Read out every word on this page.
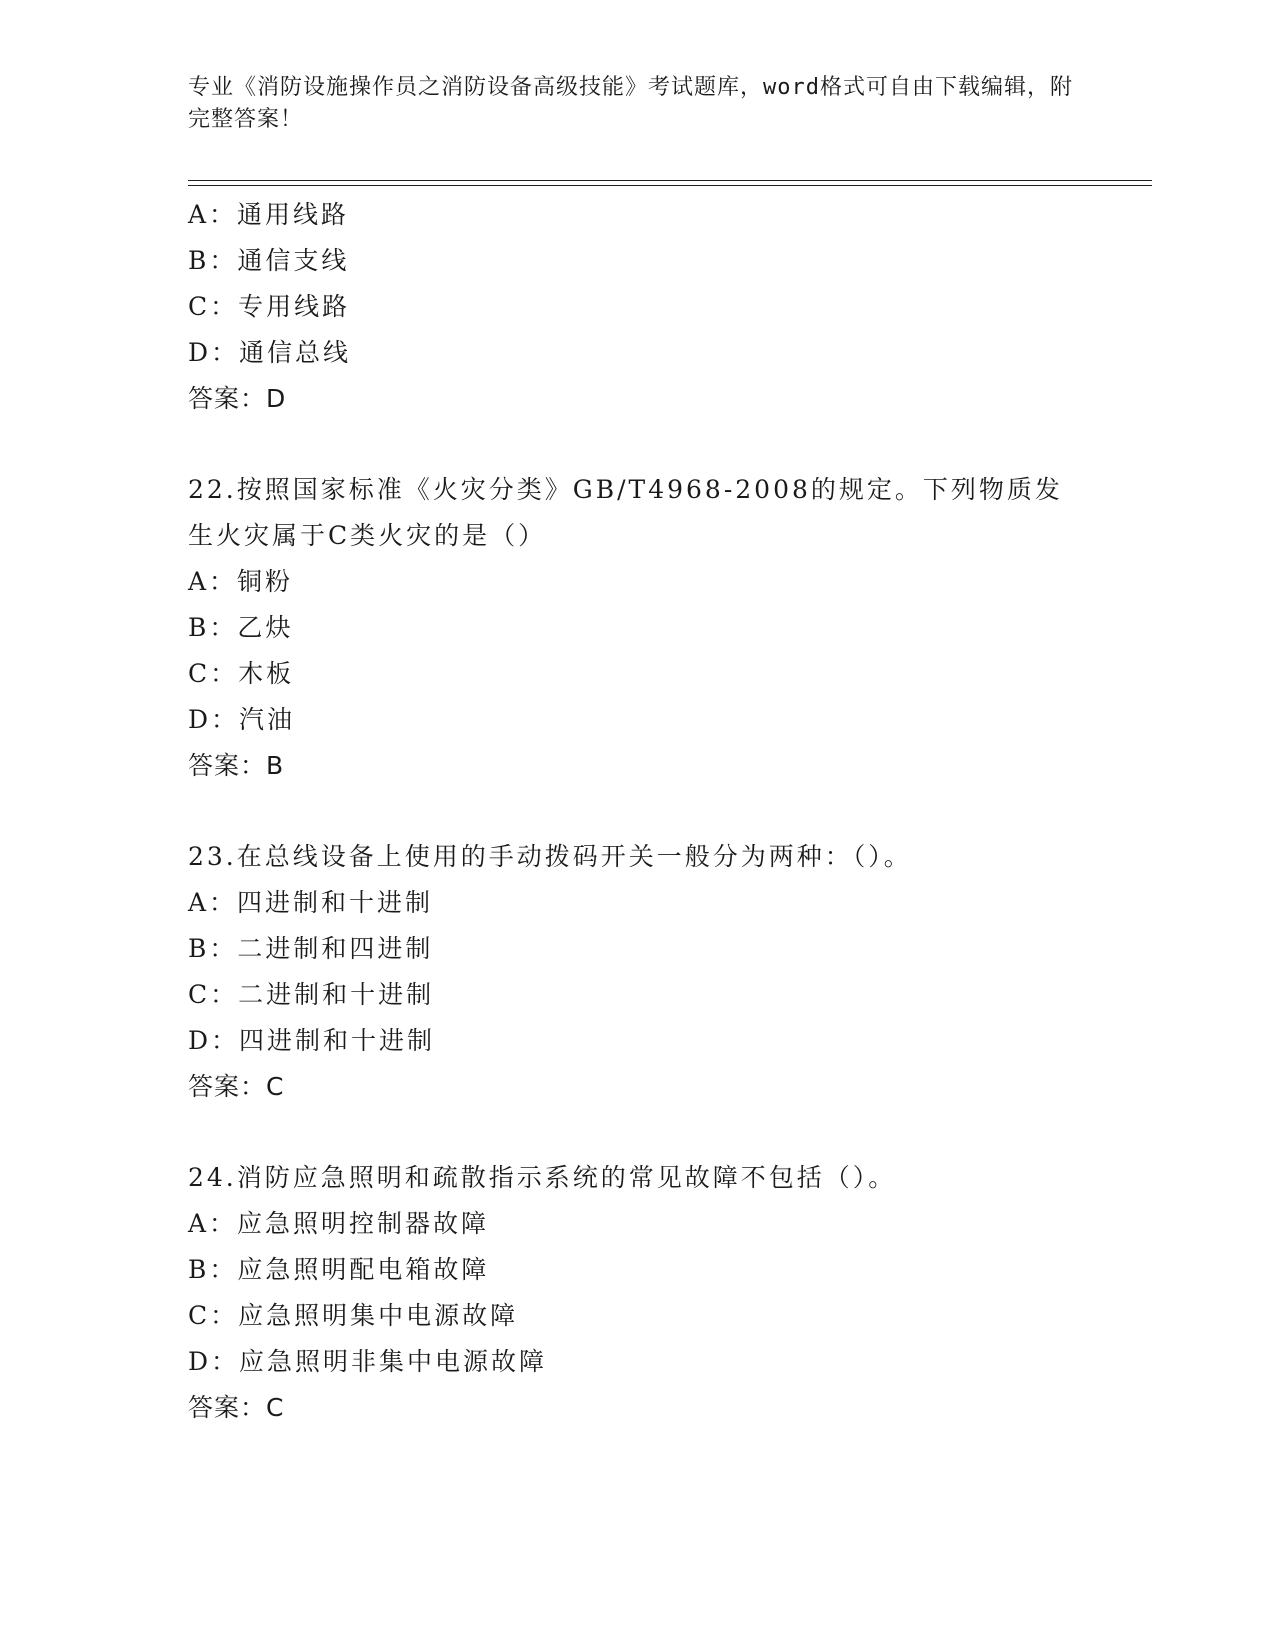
专业《消防设施操作员之消防设备高级技能》考试题库，word格式可自由下载编辑，附完整答案！
A：通用线路
B：通信支线
C：专用线路
D：通信总线
答案：D
22.按照国家标准《火灾分类》GB/T4968-2008的规定。下列物质发生火灾属于C类火灾的是（）
A：铜粉
B：乙炔
C：木板
D：汽油
答案：B
23.在总线设备上使用的手动拨码开关一般分为两种：（）。
A：四进制和十进制
B：二进制和四进制
C：二进制和十进制
D：四进制和十进制
答案：C
24.消防应急照明和疏散指示系统的常见故障不包括（）。
A：应急照明控制器故障
B：应急照明配电箱故障
C：应急照明集中电源故障
D：应急照明非集中电源故障
答案：C
